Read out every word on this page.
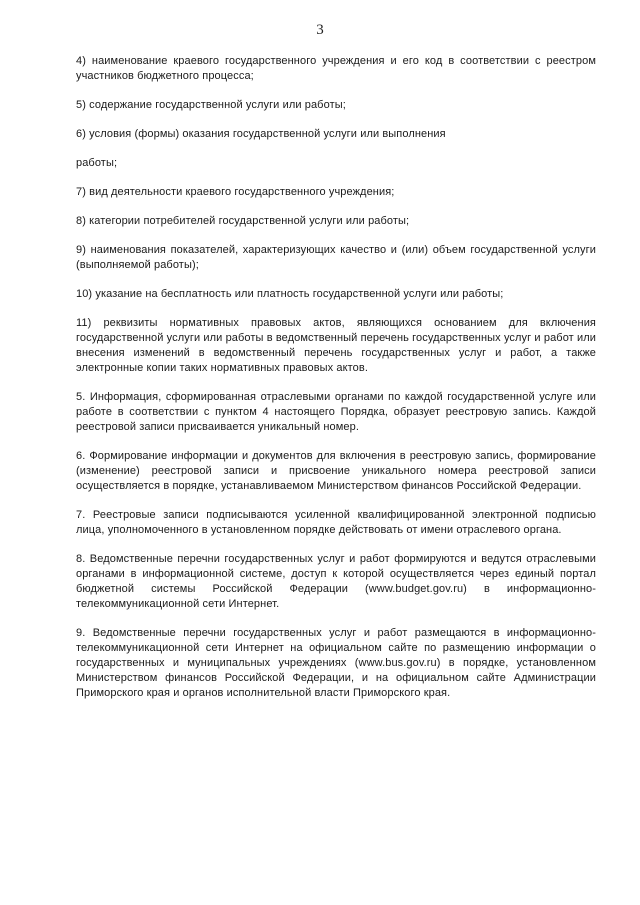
3

4) наименование краевого государственного учреждения и его код в соответствии с реестром участников бюджетного процесса;

5) содержание государственной услуги или работы;

6) условия (формы) оказания государственной услуги или выполнения

работы;

7) вид деятельности краевого государственного учреждения;

8) категории потребителей государственной услуги или работы;

9) наименования показателей, характеризующих качество и (или) объем государственной услуги (выполняемой работы);

10) указание на бесплатность или платность государственной услуги или работы;

11) реквизиты нормативных правовых актов, являющихся основанием для включения государственной услуги или работы в ведомственный перечень государственных услуг и работ или внесения изменений в ведомственный перечень государственных услуг и работ, а также электронные копии таких нормативных правовых актов.

5. Информация, сформированная отраслевыми органами по каждой государственной услуге или работе в соответствии с пунктом 4 настоящего Порядка, образует реестровую запись. Каждой реестровой записи присваивается уникальный номер.

6. Формирование информации и документов для включения в реестровую запись, формирование (изменение) реестровой записи и присвоение уникального номера реестровой записи осуществляется в порядке, устанавливаемом Министерством финансов Российской Федерации.

7. Реестровые записи подписываются усиленной квалифицированной электронной подписью лица, уполномоченного в установленном порядке действовать от имени отраслевого органа.

8. Ведомственные перечни государственных услуг и работ формируются и ведутся отраслевыми органами в информационной системе, доступ к которой осуществляется через единый портал бюджетной системы Российской Федерации (www.budget.gov.ru) в информационно-телекоммуникационной сети Интернет.

9. Ведомственные перечни государственных услуг и работ размещаются в информационно-телекоммуникационной сети Интернет на официальном сайте по размещению информации о государственных и муниципальных учреждениях (www.bus.gov.ru) в порядке, установленном Министерством финансов Российской Федерации, и на официальном сайте Администрации Приморского края и органов исполнительной власти Приморского края.
